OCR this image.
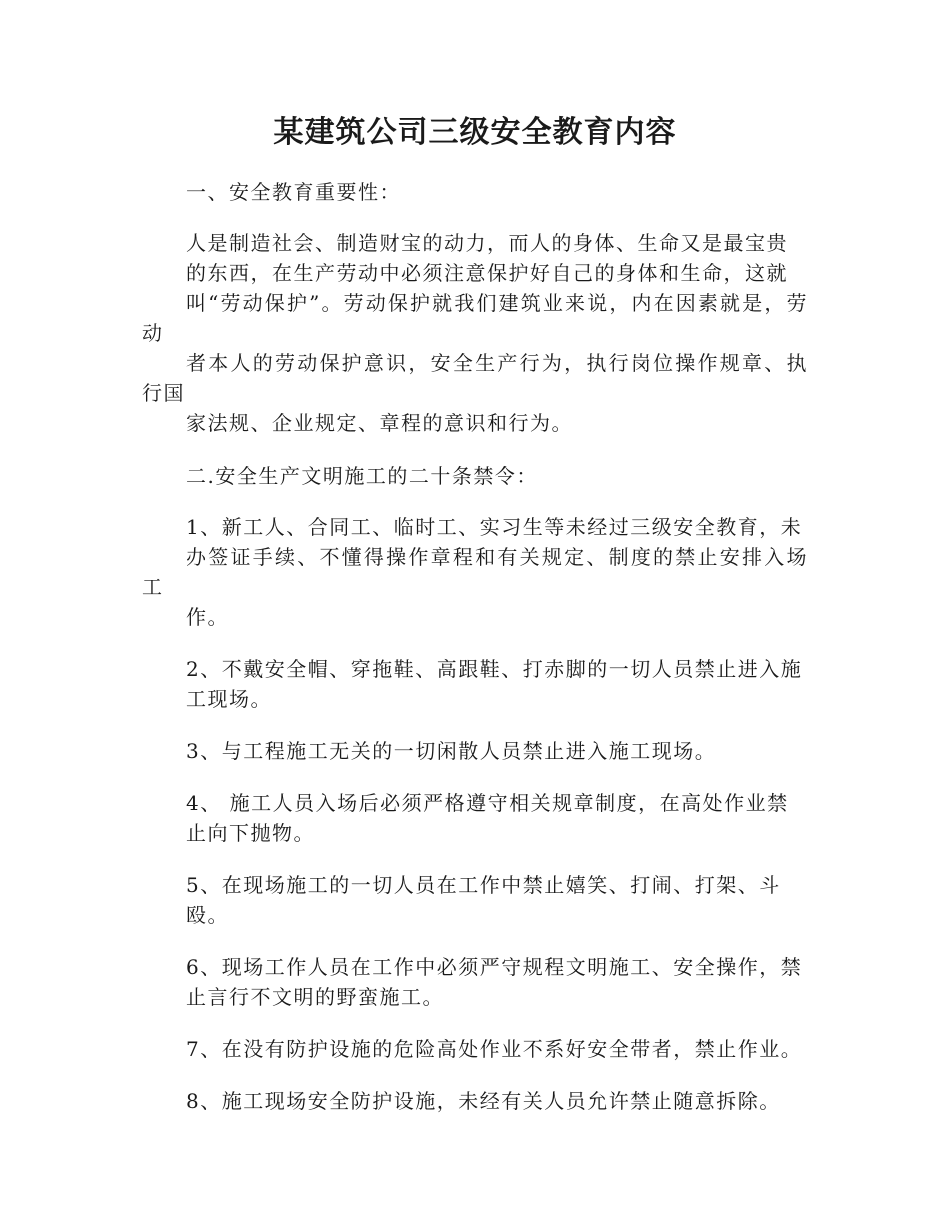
某建筑公司三级安全教育内容

一、安全教育重要性：

人是制造社会、制造财宝的动力，而人的身体、生命又是最宝贵
的东西，在生产劳动中必须注意保护好自己的身体和生命，这就
叫“劳动保护”。劳动保护就我们建筑业来说，内在因素就是，劳动
者本人的劳动保护意识，安全生产行为，执行岗位操作规章、执行国
家法规、企业规定、章程的意识和行为。

二.安全生产文明施工的二十条禁令：

1、新工人、合同工、临时工、实习生等未经过三级安全教育，未
办签证手续、不懂得操作章程和有关规定、制度的禁止安排入场工
作。

2、不戴安全帽、穿拖鞋、高跟鞋、打赤脚的一切人员禁止进入施
工现场。

3、与工程施工无关的一切闲散人员禁止进入施工现场。

4、 施工人员入场后必须严格遵守相关规章制度，在高处作业禁
止向下抛物。

5、在现场施工的一切人员在工作中禁止嬉笑、打闹、打架、斗
殴。

6、现场工作人员在工作中必须严守规程文明施工、安全操作，禁
止言行不文明的野蛮施工。

7、在没有防护设施的危险高处作业不系好安全带者，禁止作业。

8、施工现场安全防护设施，未经有关人员允许禁止随意拆除。
